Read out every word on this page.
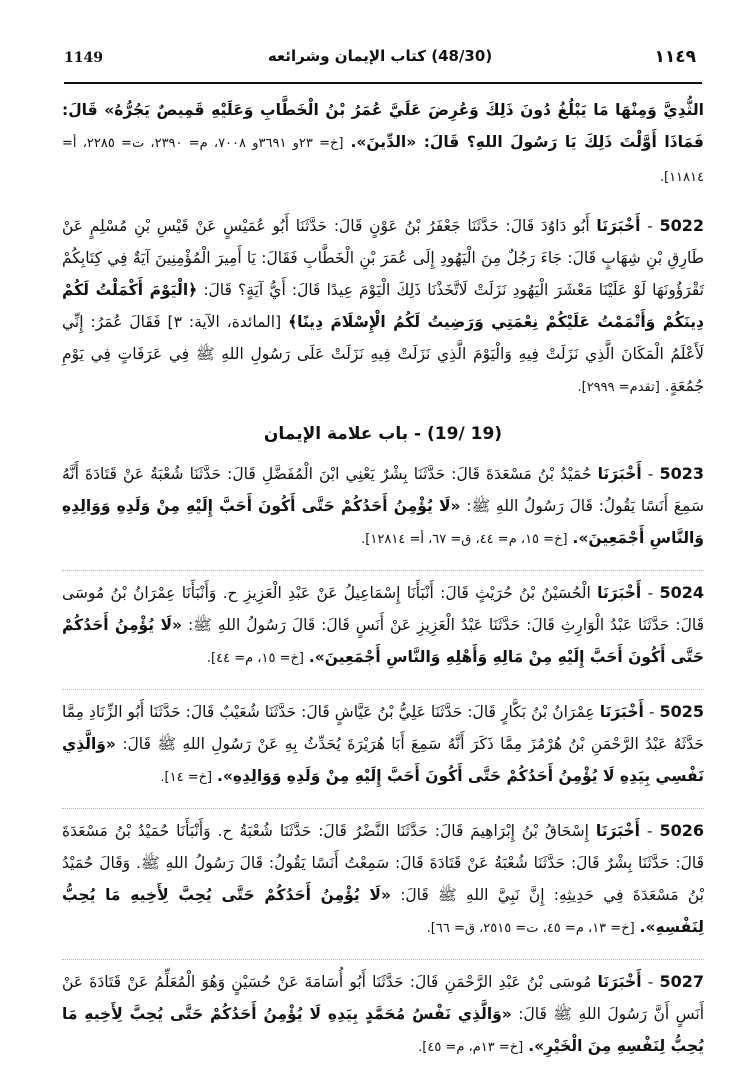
1149	(48/30) كتاب الإيمان وشرائعه	١١٤٩

الثُّدِيَّ وَمِنْهَا مَا يَبْلُغُ دُونَ ذَلِكَ وَعُرِضَ عَلَيَّ عُمَرُ بْنُ الْخَطَّابِ وَعَلَيْهِ قَمِيصٌ يَجُرُّهُ» قَالَ: فَمَاذَا أَوَّلْتَ ذَلِكَ يَا رَسُولَ اللهِ؟ قَالَ: «الدِّينَ». [خ= ٢٣و ٣٦٩١و ٧٠٠٨، م= ٢٣٩٠، ت= ٢٢٨٥، أ= ١١٨١٤].

5022 - أَخْبَرَنَا أَبُو دَاوُدَ قَالَ: حَدَّثَنَا جَعْفَرُ بْنُ عَوْنٍ قَالَ: حَدَّثَنَا أَبُو عُمَيْسٍ عَنْ قَيْسِ بْنِ مُسْلِمٍ عَنْ طَارِقِ بْنِ شِهَابٍ قَالَ: جَاءَ رَجُلٌ مِنَ الْيَهُودِ إِلَى عُمَرَ بْنِ الْخَطَّابِ فَقَالَ: يَا أَمِيرَ الْمُؤْمِنِينَ آيَةٌ فِي كِتَابِكُمْ تَقْرَؤُونَهَا لَوْ عَلَيْنَا مَعْشَرَ الْيَهُودِ نَزَلَتْ لَاتَّخَذْنَا ذَلِكَ الْيَوْمَ عِيدًا قَالَ: أَيُّ آيَةٍ؟ قَالَ: ﴿الْيَوْمَ أَكْمَلْتُ لَكُمْ دِينَكُمْ وَأَتْمَمْتُ عَلَيْكُمْ نِعْمَتِي وَرَضِيتُ لَكُمُ الْإِسْلَامَ دِينًا﴾ [المائدة، الآية: ٣] فَقَالَ عُمَرُ: إِنِّي لَأَعْلَمُ الْمَكَانَ الَّذِي نَزَلَتْ فِيهِ وَالْيَوْمَ الَّذِي نَزَلَتْ فِيهِ نَزَلَتْ عَلَى رَسُولِ اللهِ ﷺ فِي عَرَفَاتٍ فِي يَوْمِ جُمُعَةٍ. [تقدم= ٢٩٩٩].
(19 /19) - باب علامة الإيمان
5023 - أَخْبَرَنَا حُمَيْدُ بْنُ مَسْعَدَةَ قَالَ: حَدَّثَنَا بِشْرٌ يَعْنِي ابْنَ الْمُفَضَّلِ قَالَ: حَدَّثَنَا شُعْبَةُ عَنْ قَتَادَةَ أَنَّهُ سَمِعَ أَنَسًا يَقُولُ: قَالَ رَسُولُ اللهِ ﷺ: «لَا يُؤْمِنُ أَحَدُكُمْ حَتَّى أَكُونَ أَحَبَّ إِلَيْهِ مِنْ وَلَدِهِ وَوَالِدِهِ وَالنَّاسِ أَجْمَعِينَ». [خ= ١٥، م= ٤٤، ق= ٦٧، أ= ١٢٨١٤].
5024 - أَخْبَرَنَا الْحُسَيْنُ بْنُ حُرَيْثٍ قَالَ: أَنْبَأَنَا إِسْمَاعِيلُ عَنْ عَبْدِ الْعَزِيزِ ح. وَأَنْبَأَنَا عِمْرَانُ بْنُ مُوسَى قَالَ: حَدَّثَنَا عَبْدُ الْوَارِثِ قَالَ: حَدَّثَنَا عَبْدُ الْعَزِيزِ عَنْ أَنَسٍ قَالَ: قَالَ رَسُولُ اللهِ ﷺ: «لَا يُؤْمِنُ أَحَدُكُمْ حَتَّى أَكُونَ أَحَبَّ إِلَيْهِ مِنْ مَالِهِ وَأَهْلِهِ وَالنَّاسِ أَجْمَعِينَ». [خ= ١٥، م= ٤٤].
5025 - أَخْبَرَنَا عِمْرَانُ بْنُ بَكَّارٍ قَالَ: حَدَّثَنَا عَلِيُّ بْنُ عَيَّاشٍ قَالَ: حَدَّثَنَا شُعَيْبٌ قَالَ: حَدَّثَنَا أَبُو الزِّنَادِ مِمَّا حَدَّثَهُ عَبْدُ الرَّحْمَنِ بْنُ هُرْمُزَ مِمَّا ذَكَرَ أَنَّهُ سَمِعَ أَبَا هُرَيْرَةَ يُحَدِّثُ بِهِ عَنْ رَسُولِ اللهِ ﷺ قَالَ: «وَالَّذِي نَفْسِي بِيَدِهِ لَا يُؤْمِنُ أَحَدُكُمْ حَتَّى أَكُونَ أَحَبَّ إِلَيْهِ مِنْ وَلَدِهِ وَوَالِدِهِ». [خ= ١٤].
5026 - أَخْبَرَنَا إِسْحَاقُ بْنُ إِبْرَاهِيمَ قَالَ: حَدَّثَنَا النَّضْرُ قَالَ: حَدَّثَنَا شُعْبَةُ ح. وَأَنْبَأَنَا حُمَيْدُ بْنُ مَسْعَدَةَ قَالَ: حَدَّثَنَا بِشْرٌ قَالَ: حَدَّثَنَا شُعْبَةُ عَنْ قَتَادَةَ قَالَ: سَمِعْتُ أَنَسًا يَقُولُ: قَالَ رَسُولُ اللهِ ﷺ. وَقَالَ حُمَيْدُ بْنُ مَسْعَدَةَ فِي حَدِيثِهِ: إِنَّ نَبِيَّ اللهِ ﷺ قَالَ: «لَا يُؤْمِنُ أَحَدُكُمْ حَتَّى يُحِبَّ لِأَخِيهِ مَا يُحِبُّ لِنَفْسِهِ». [خ= ١٣، م= ٤٥، ت= ٢٥١٥، ق= ٦٦].
5027 - أَخْبَرَنَا مُوسَى بْنُ عَبْدِ الرَّحْمَنِ قَالَ: حَدَّثَنَا أَبُو أُسَامَةَ عَنْ حُسَيْنٍ وَهُوَ الْمُعَلِّمُ عَنْ قَتَادَةَ عَنْ أَنَسٍ أَنَّ رَسُولَ اللهِ ﷺ قَالَ: «وَالَّذِي نَفْسُ مُحَمَّدٍ بِيَدِهِ لَا يُؤْمِنُ أَحَدُكُمْ حَتَّى يُحِبَّ لِأَخِيهِ مَا يُحِبُّ لِنَفْسِهِ مِنَ الْخَيْرِ». [خ= ١٣م، م= ٤٥].
